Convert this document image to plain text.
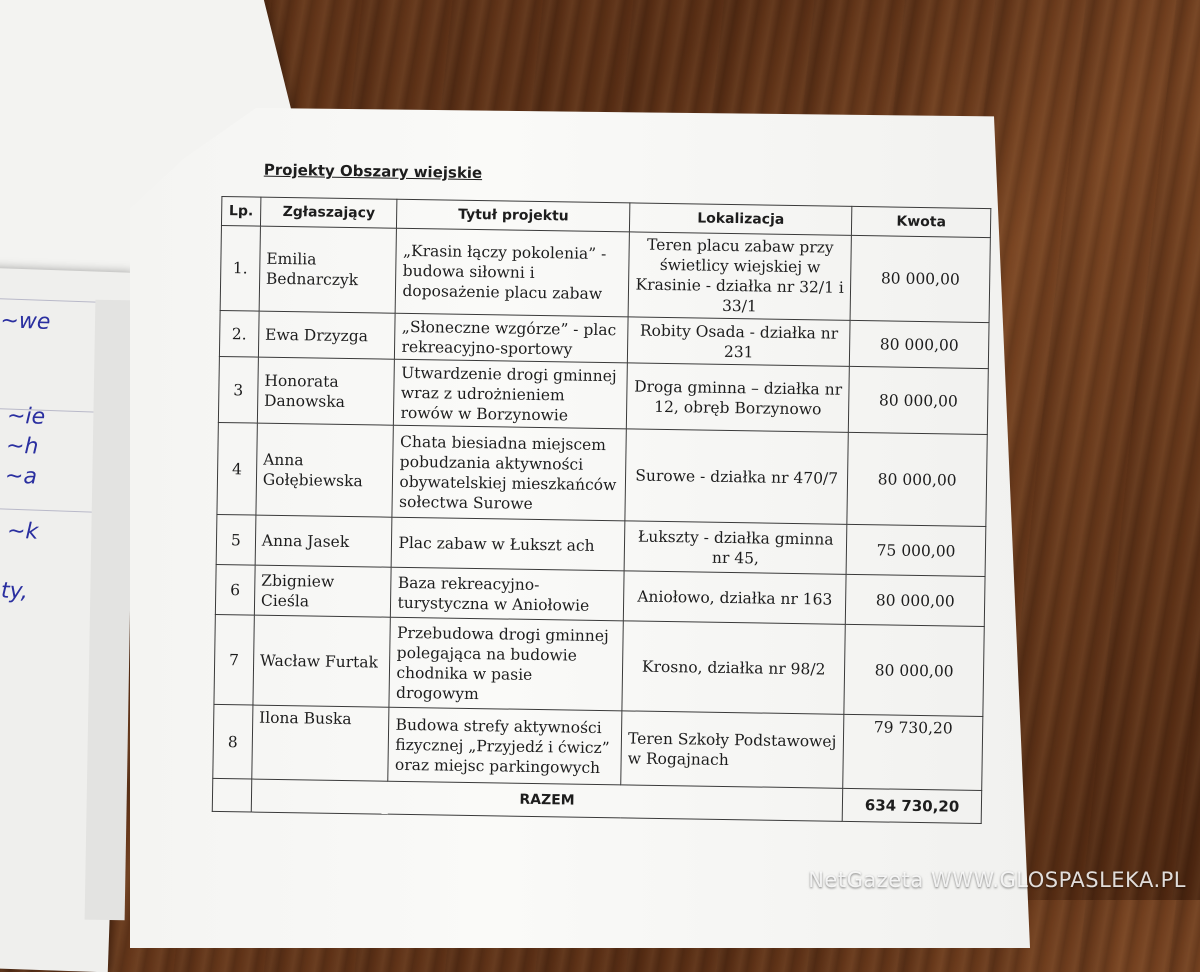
~we
~ie
~h
~a
~k
ty,
Projekty Obszary wiejskie
Lp.	Zgłaszający	Tytuł projektu	Lokalizacja	Kwota
1.	Emilia Bednarczyk	„Krasin łączy pokolenia” - budowa siłowni i doposażenie placu zabaw	Teren placu zabaw przy świetlicy wiejskiej w Krasinie - działka nr 32/1 i 33/1	80 000,00
2.	Ewa Drzyzga	„Słoneczne wzgórze” - plac rekreacyjno-sportowy	Robity Osada - działka nr 231	80 000,00
3	Honorata Danowska	Utwardzenie drogi gminnej wraz z udrożnieniem rowów w Borzynowie	Droga gminna – działka nr 12, obręb Borzynowo	80 000,00
4	Anna Gołębiewska	Chata biesiadna miejscem pobudzania aktywności obywatelskiej mieszkańców sołectwa Surowe	Surowe - działka nr 470/7	80 000,00
5	Anna Jasek	Plac zabaw w Łukszt ach	Łukszty - działka gminna nr 45,	75 000,00
6	Zbigniew Cieśla	Baza rekreacyjno-turystyczna w Aniołowie	Aniołowo, działka nr 163	80 000,00
7	Wacław Furtak	Przebudowa drogi gminnej polegająca na budowie chodnika w pasie drogowym	Krosno, działka nr 98/2	80 000,00
8	Ilona Buska	Budowa strefy aktywności fizycznej „Przyjedź i ćwicz” oraz miejsc parkingowych	Teren Szkoły Podstawowej w Rogajnach	79 730,20
	RAZEM			634 730,20
NetGazeta WWW.GLOSPASLEKA.PL
